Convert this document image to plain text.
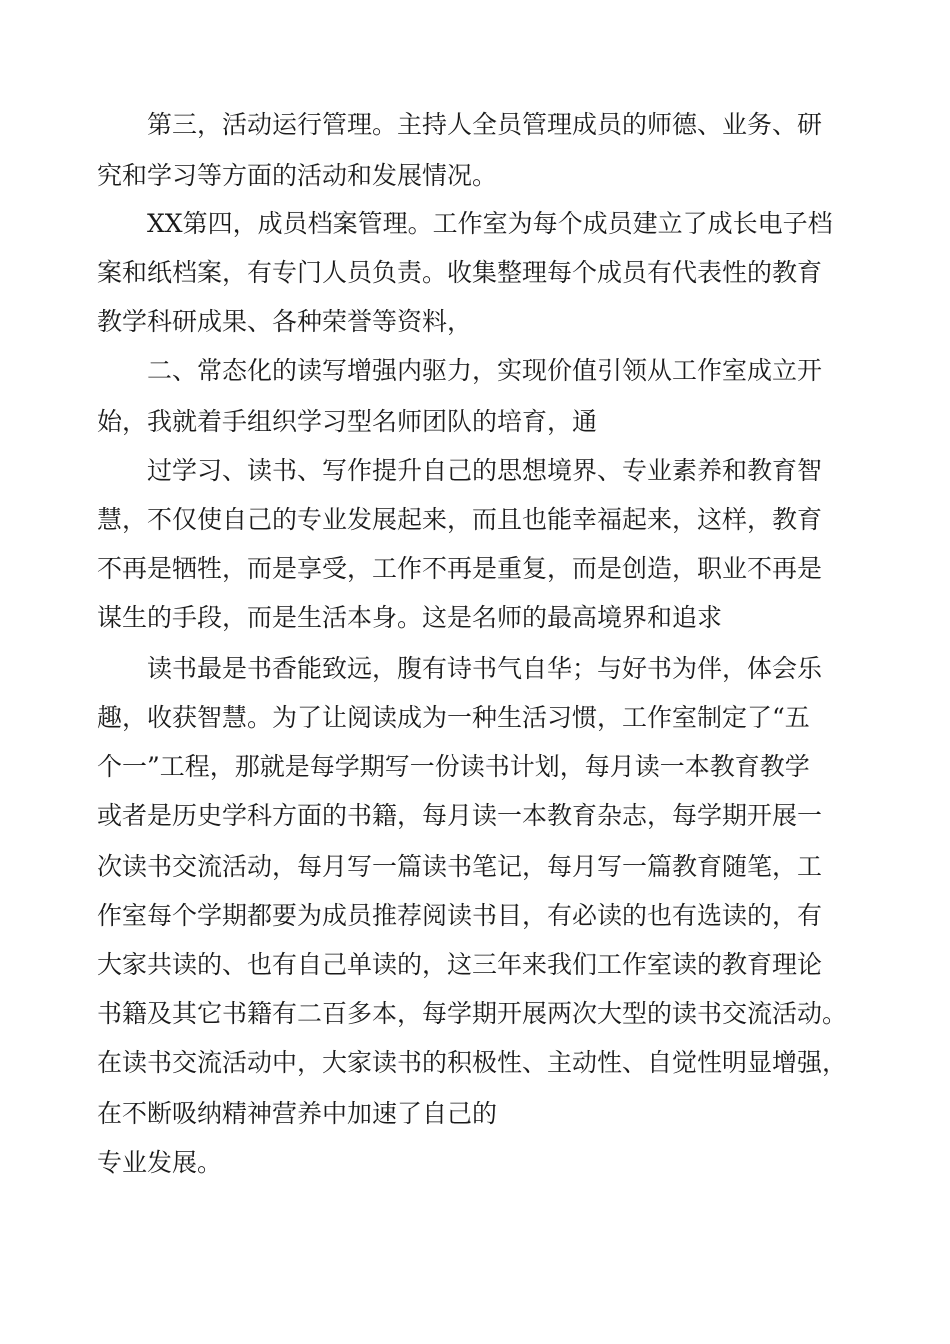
第三，活动运行管理。主持人全员管理成员的师德、业务、研
究和学习等方面的活动和发展情况。
XX第四，成员档案管理。工作室为每个成员建立了成长电子档
案和纸档案，有专门人员负责。收集整理每个成员有代表性的教育
教学科研成果、各种荣誉等资料，
二、常态化的读写增强内驱力，实现价值引领从工作室成立开
始，我就着手组织学习型名师团队的培育，通
过学习、读书、写作提升自己的思想境界、专业素养和教育智
慧，不仅使自己的专业发展起来，而且也能幸福起来，这样，教育
不再是牺牲，而是享受，工作不再是重复，而是创造，职业不再是
谋生的手段，而是生活本身。这是名师的最高境界和追求
读书最是书香能致远，腹有诗书气自华；与好书为伴，体会乐
趣，收获智慧。为了让阅读成为一种生活习惯，工作室制定了“五
个一”工程，那就是每学期写一份读书计划，每月读一本教育教学
或者是历史学科方面的书籍，每月读一本教育杂志，每学期开展一
次读书交流活动，每月写一篇读书笔记，每月写一篇教育随笔，工
作室每个学期都要为成员推荐阅读书目，有必读的也有选读的，有
大家共读的、也有自己单读的，这三年来我们工作室读的教育理论
书籍及其它书籍有二百多本，每学期开展两次大型的读书交流活动。
在读书交流活动中，大家读书的积极性、主动性、自觉性明显增强，
在不断吸纳精神营养中加速了自己的
专业发展。
